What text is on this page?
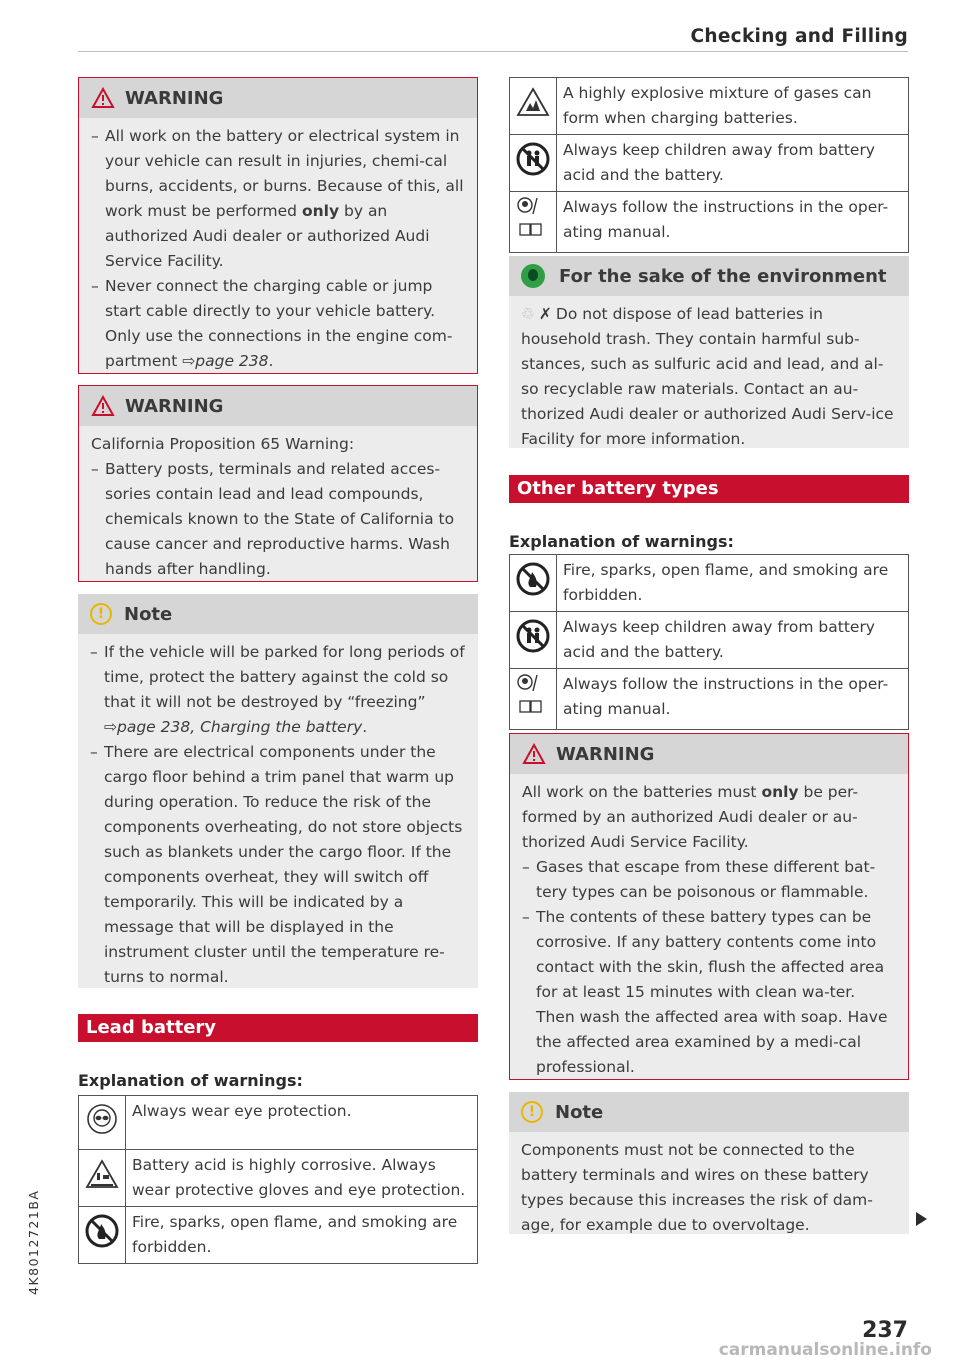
Checking and Filling
WARNING
– All work on the battery or electrical system in your vehicle can result in injuries, chemi-cal burns, accidents, or burns. Because of this, all work must be performed only by an authorized Audi dealer or authorized Audi Service Facility.
– Never connect the charging cable or jump start cable directly to your vehicle battery. Only use the connections in the engine com-partment ⇨page 238.
WARNING
California Proposition 65 Warning:
– Battery posts, terminals and related acces-sories contain lead and lead compounds, chemicals known to the State of California to cause cancer and reproductive harms. Wash hands after handling.
!	Note
– If the vehicle will be parked for long periods of time, protect the battery against the cold so that it will not be destroyed by “freezing” ⇨page 238, Charging the battery.
– There are electrical components under the cargo floor behind a trim panel that warm up during operation. To reduce the risk of the components overheating, do not store objects such as blankets under the cargo floor. If the components overheat, they will switch off temporarily. This will be indicated by a message that will be displayed in the instrument cluster until the temperature re-turns to normal.
Lead battery
Explanation of warnings:
	Always wear eye protection.
	Battery acid is highly corrosive. Always wear protective gloves and eye protection.
	Fire, sparks, open flame, and smoking are forbidden.
	A highly explosive mixture of gases can form when charging batteries.
	Always keep children away from battery acid and the battery.
	Always follow the instructions in the oper-ating manual.
For the sake of the environment
♲ ✗ Do not dispose of lead batteries in household trash. They contain harmful sub-stances, such as sulfuric acid and lead, and al-so recyclable raw materials. Contact an au-thorized Audi dealer or authorized Audi Serv-ice Facility for more information.
Other battery types
Explanation of warnings:
	Fire, sparks, open flame, and smoking are forbidden.
	Always keep children away from battery acid and the battery.
	Always follow the instructions in the oper-ating manual.
WARNING
All work on the batteries must only be per-formed by an authorized Audi dealer or au-thorized Audi Service Facility.
– Gases that escape from these different bat-tery types can be poisonous or flammable.
– The contents of these battery types can be corrosive. If any battery contents come into contact with the skin, flush the affected area for at least 15 minutes with clean wa-ter. Then wash the affected area with soap. Have the affected area examined by a medi-cal professional.
!	Note
Components must not be connected to the battery terminals and wires on these battery types because this increases the risk of dam-age, for example due to overvoltage.
4K8012721BA
237
carmanualsonline.info
